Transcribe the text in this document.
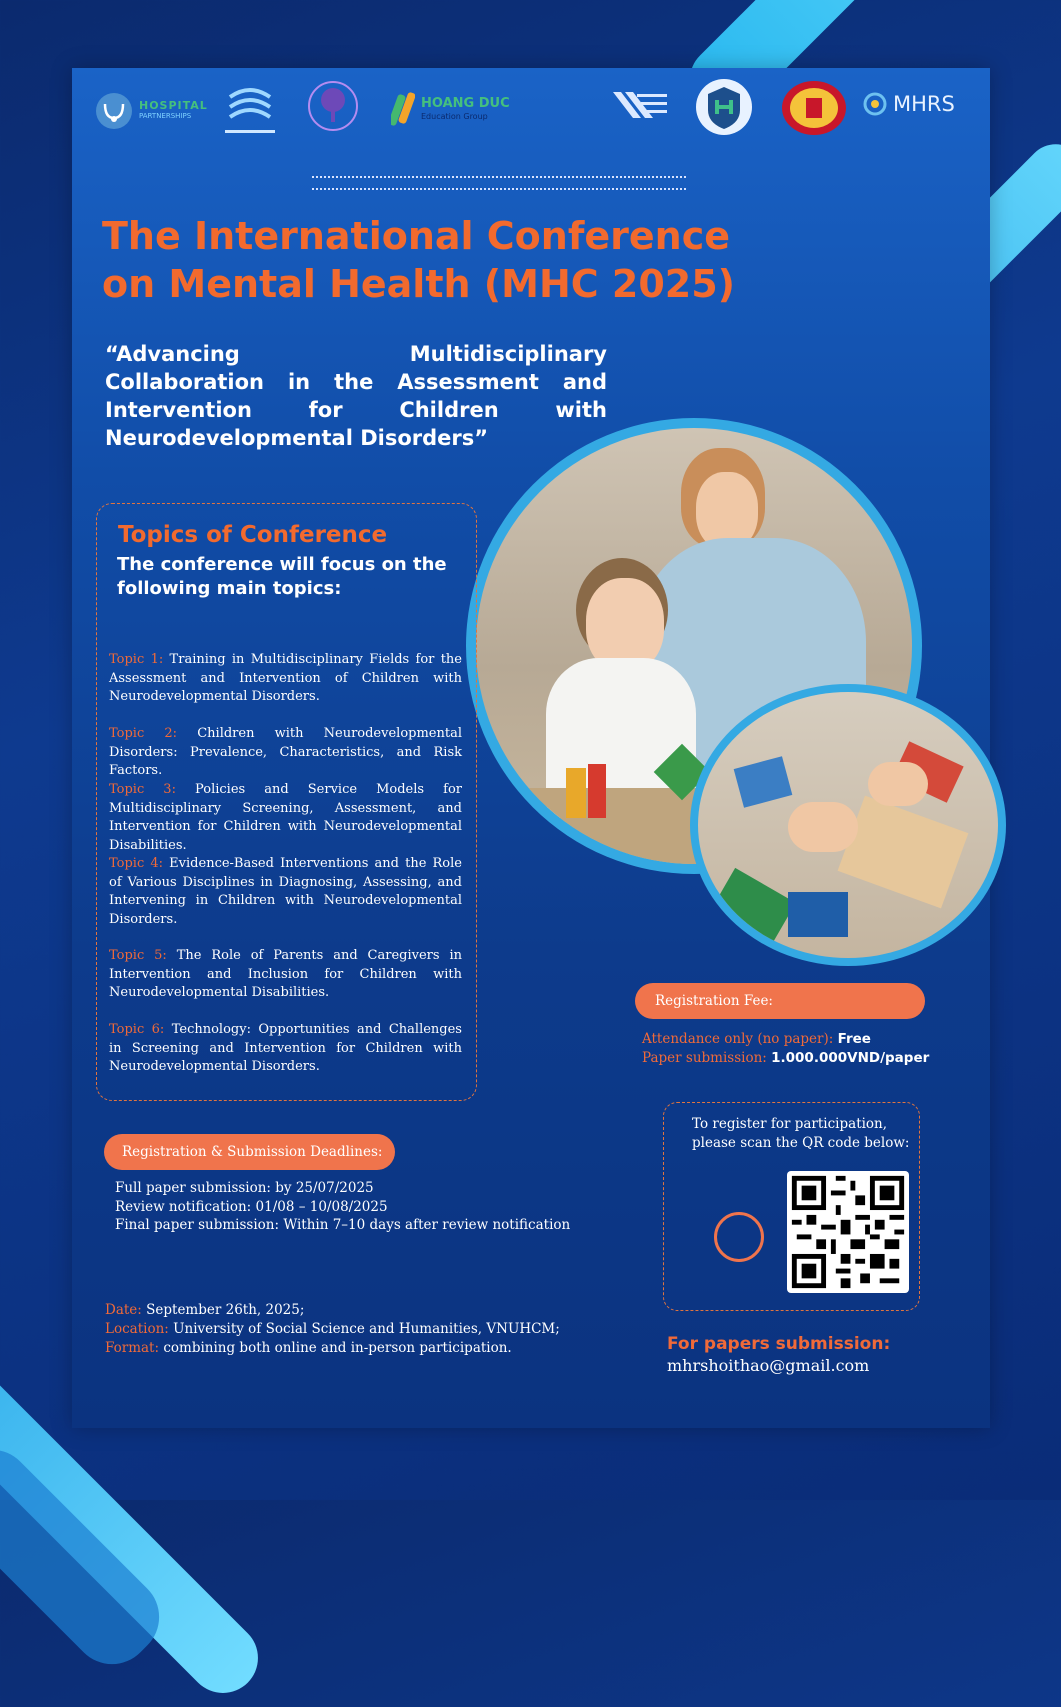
HOSPITAL
PARTNERSHIPS
HOANG DUC
Education Group
MHRS
The International Conference
on Mental Health (MHC 2025)
“Advancing Multidisciplinary Collaboration in the Assessment and Intervention for Children with Neurodevelopmental Disorders”
Topics of Conference
The conference will focus on the following main topics:
Topic 1: Training in Multidisciplinary Fields for the Assessment and Intervention of Children with Neurodevelopmental Disorders.
Topic 2: Children with Neurodevelopmental Disorders: Prevalence, Characteristics, and Risk Factors.
Topic 3: Policies and Service Models for Multidisciplinary Screening, Assessment, and Intervention for Children with Neurodevelopmental Disabilities.
Topic 4: Evidence-Based Interventions and the Role of Various Disciplines in Diagnosing, Assessing, and Intervening in Children with Neurodevelopmental Disorders.
Topic 5: The Role of Parents and Caregivers in Intervention and Inclusion for Children with Neurodevelopmental Disabilities.
Topic 6: Technology: Opportunities and Challenges in Screening and Intervention for Children with Neurodevelopmental Disorders.
Registration & Submission Deadlines:
Full paper submission: by 25/07/2025
Review notification: 01/08 – 10/08/2025
Final paper submission: Within 7–10 days after review notification
Date: September 26th, 2025;
Location: University of Social Science and Humanities, VNUHCM;
Format: combining both online and in-person participation.
Registration Fee:
Attendance only (no paper): Free
Paper submission: 1.000.000VND/paper
To register for participation,
please scan the QR code below:
For papers submission:
mhrshoithao@gmail.com
